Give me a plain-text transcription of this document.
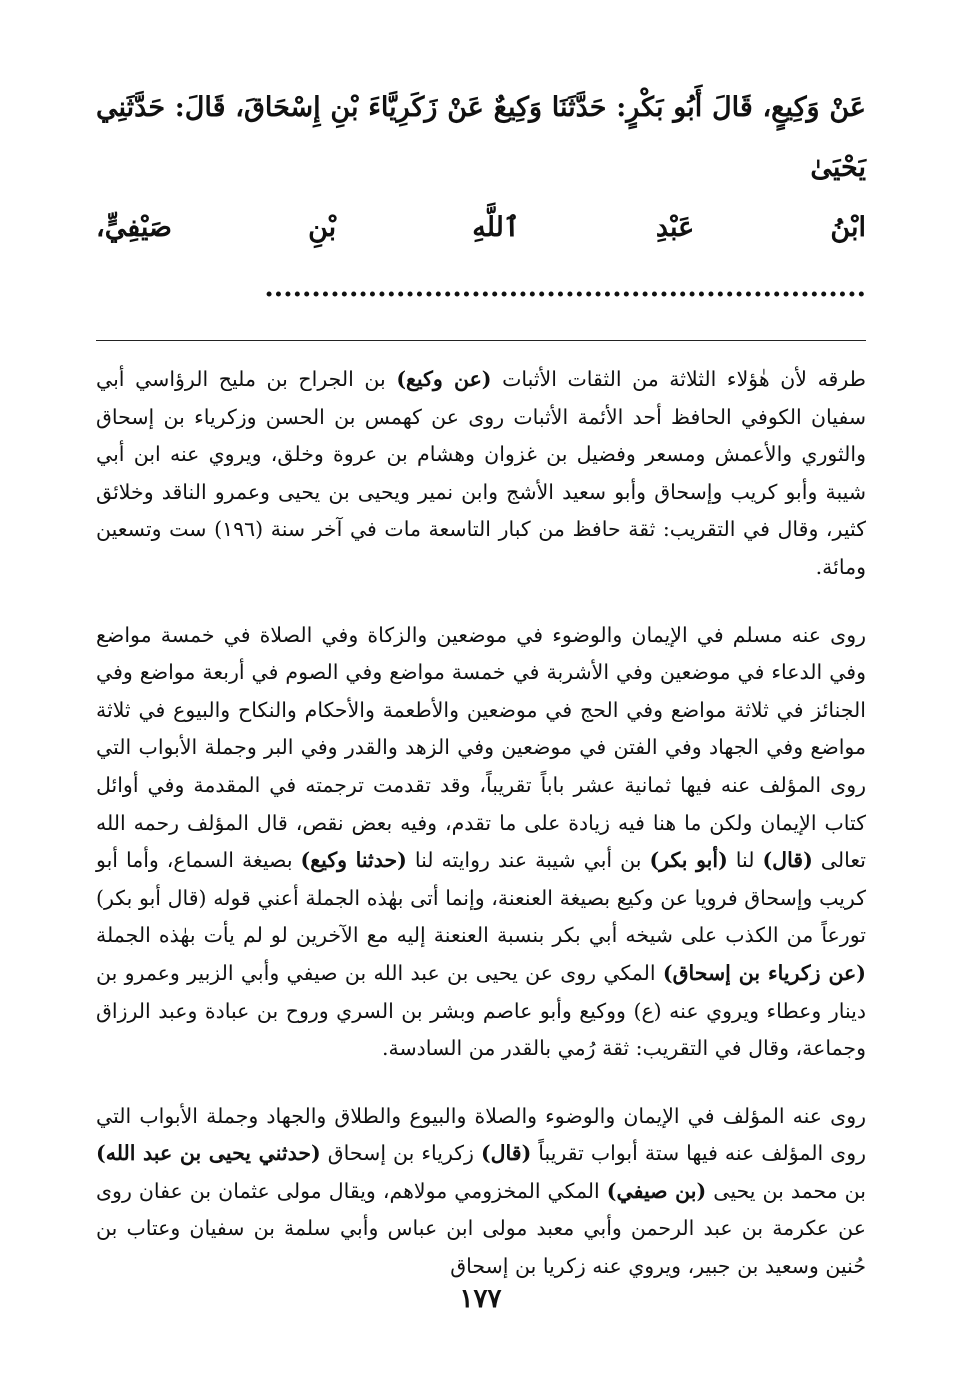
عَنْ وَكِيعٍ، قَالَ أَبُو بَكْرٍ: حَدَّثَنَا وَكِيعٌ عَنْ زَكَرِيَّاءَ بْنِ إِسْحَاقَ، قَالَ: حَدَّثَنِي يَحْيَىٰ
ابْنُ عَبْدِ ٱللَّهِ بْنِ صَيْفِيٍّ، ................................................................

طرقه لأن هٰؤلاء الثلاثة من الثقات الأثبات (عن وكيع) بن الجراح بن مليح الرؤاسي أبي سفيان الكوفي الحافظ أحد الأئمة الأثبات روى عن كهمس بن الحسن وزكرياء بن إسحاق والثوري والأعمش ومسعر وفضيل بن غزوان وهشام بن عروة وخلق، ويروي عنه ابن أبي شيبة وأبو كريب وإسحاق وأبو سعيد الأشج وابن نمير ويحيى بن يحيى وعمرو الناقد وخلائق كثير، وقال في التقريب: ثقة حافظ من كبار التاسعة مات في آخر سنة (١٩٦) ست وتسعين ومائة.

روى عنه مسلم في الإيمان والوضوء في موضعين والزكاة وفي الصلاة في خمسة مواضع وفي الدعاء في موضعين وفي الأشربة في خمسة مواضع وفي الصوم في أربعة مواضع وفي الجنائز في ثلاثة مواضع وفي الحج في موضعين والأطعمة والأحكام والنكاح والبيوع في ثلاثة مواضع وفي الجهاد وفي الفتن في موضعين وفي الزهد والقدر وفي البر وجملة الأبواب التي روى المؤلف عنه فيها ثمانية عشر باباً تقريباً، وقد تقدمت ترجمته في المقدمة وفي أوائل كتاب الإيمان ولكن ما هنا فيه زيادة على ما تقدم، وفيه بعض نقص، قال المؤلف رحمه الله تعالى (قال) لنا (أبو بكر) بن أبي شيبة عند روايته لنا (حدثنا وكيع) بصيغة السماع، وأما أبو كريب وإسحاق فرويا عن وكيع بصيغة العنعنة، وإنما أتى بهٰذه الجملة أعني قوله (قال أبو بكر) تورعاً من الكذب على شيخه أبي بكر بنسبة العنعنة إليه مع الآخرين لو لم يأت بهٰذه الجملة (عن زكرياء بن إسحاق) المكي روى عن يحيى بن عبد الله بن صيفي وأبي الزبير وعمرو بن دينار وعطاء ويروي عنه (ع) ووكيع وأبو عاصم وبشر بن السري وروح بن عبادة وعبد الرزاق وجماعة، وقال في التقريب: ثقة رُمي بالقدر من السادسة.

روى عنه المؤلف في الإيمان والوضوء والصلاة والبيوع والطلاق والجهاد وجملة الأبواب التي روى المؤلف عنه فيها ستة أبواب تقريباً (قال) زكرياء بن إسحاق (حدثني يحيى بن عبد الله) بن محمد بن يحيى (بن صيفي) المكي المخزومي مولاهم، ويقال مولى عثمان بن عفان روى عن عكرمة بن عبد الرحمن وأبي معبد مولى ابن عباس وأبي سلمة بن سفيان وعتاب بن حُنين وسعيد بن جبير، ويروي عنه زكريا بن إسحاق

١٧٧
